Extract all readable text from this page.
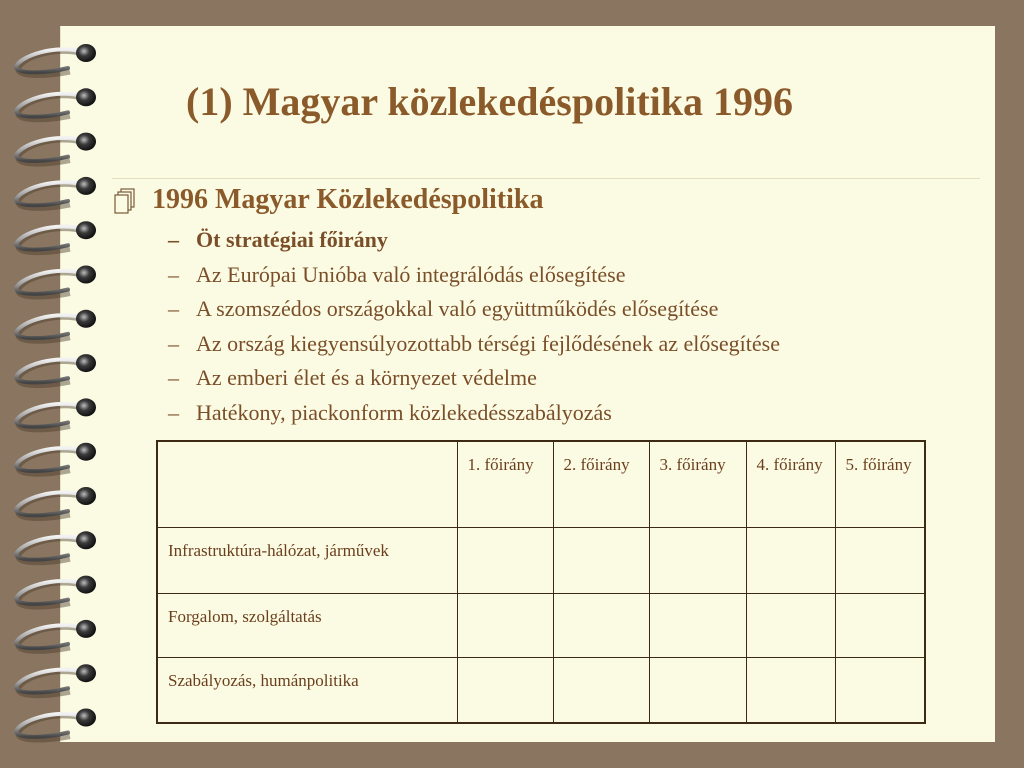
(1) Magyar közlekedéspolitika 1996
1996 Magyar Közlekedéspolitika
– Öt stratégiai főirány
– Az Európai Unióba való integrálódás elősegítése
– A szomszédos országokkal való együttműködés elősegítése
– Az ország kiegyensúlyozottabb térségi fejlődésének az elősegítése
– Az emberi élet és a környezet védelme
– Hatékony, piackonform közlekedésszabályozás
	1. főirány	2. főirány	3. főirány	4. főirány	5. főirány
Infrastruktúra-hálózat, járművek					
Forgalom, szolgáltatás					
Szabályozás, humánpolitika					
